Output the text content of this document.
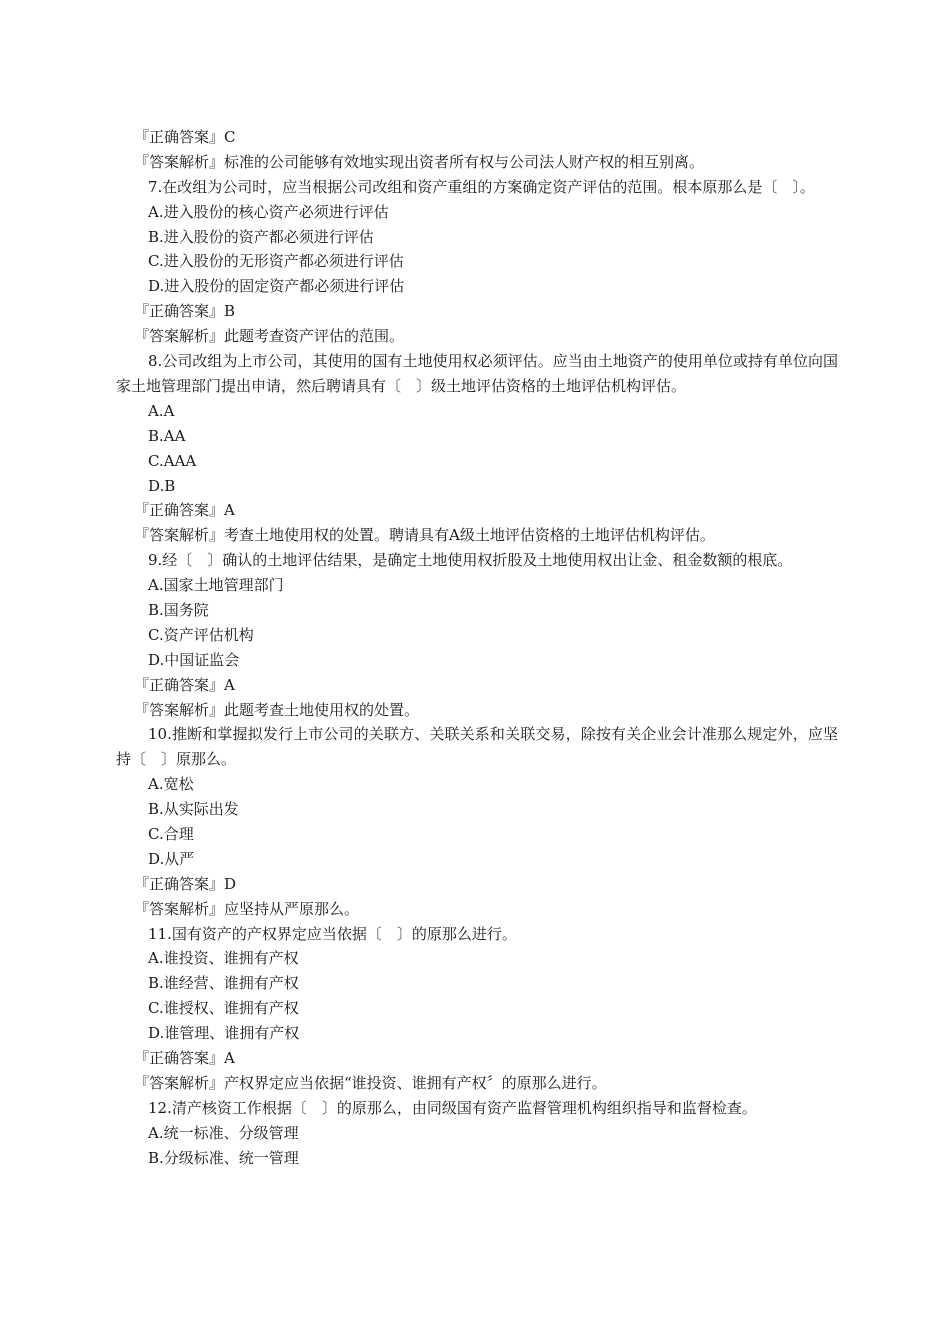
『正确答案』C
『答案解析』标准的公司能够有效地实现出资者所有权与公司法人财产权的相互别离。
7.在改组为公司时，应当根据公司改组和资产重组的方案确定资产评估的范围。根本原那么是〔　〕。
A.进入股份的核心资产必须进行评估
B.进入股份的资产都必须进行评估
C.进入股份的无形资产都必须进行评估
D.进入股份的固定资产都必须进行评估
『正确答案』B
『答案解析』此题考查资产评估的范围。
8.公司改组为上市公司，其使用的国有土地使用权必须评估。应当由土地资产的使用单位或持有单位向国家土地管理部门提出申请，然后聘请具有〔　〕级土地评估资格的土地评估机构评估。
A.A
B.AA
C.AAA
D.B
『正确答案』A
『答案解析』考查土地使用权的处置。聘请具有A级土地评估资格的土地评估机构评估。
9.经〔　〕确认的土地评估结果，是确定土地使用权折股及土地使用权出让金、租金数额的根底。
A.国家土地管理部门
B.国务院
C.资产评估机构
D.中国证监会
『正确答案』A
『答案解析』此题考查土地使用权的处置。
10.推断和掌握拟发行上市公司的关联方、关联关系和关联交易，除按有关企业会计准那么规定外，应坚持〔　〕原那么。
A.宽松
B.从实际出发
C.合理
D.从严
『正确答案』D
『答案解析』应坚持从严原那么。
11.国有资产的产权界定应当依据〔　〕的原那么进行。
A.谁投资、谁拥有产权
B.谁经营、谁拥有产权
C.谁授权、谁拥有产权
D.谁管理、谁拥有产权
『正确答案』A
『答案解析』产权界定应当依据“谁投资、谁拥有产权〞的原那么进行。
12.清产核资工作根据〔　〕的原那么，由同级国有资产监督管理机构组织指导和监督检查。
A.统一标准、分级管理
B.分级标准、统一管理
